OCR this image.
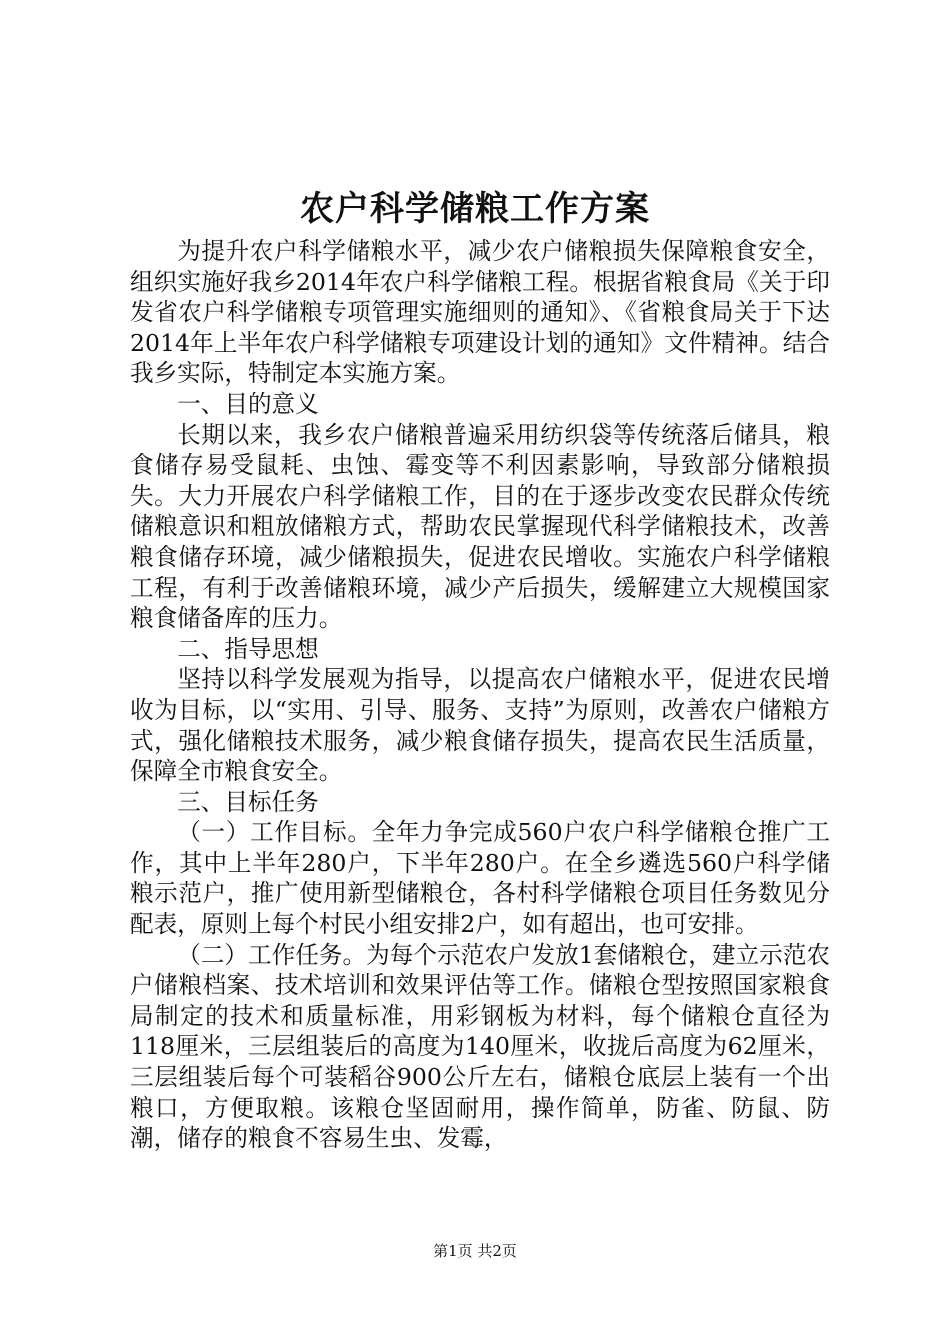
农户科学储粮工作方案

为提升农户科学储粮水平，减少农户储粮损失保障粮食安全，组织实施好我乡2014年农户科学储粮工程。根据省粮食局《关于印发省农户科学储粮专项管理实施细则的通知》、《省粮食局关于下达2014年上半年农户科学储粮专项建设计划的通知》文件精神。结合我乡实际，特制定本实施方案。

一、目的意义

长期以来，我乡农户储粮普遍采用纺织袋等传统落后储具，粮食储存易受鼠耗、虫蚀、霉变等不利因素影响，导致部分储粮损失。大力开展农户科学储粮工作，目的在于逐步改变农民群众传统储粮意识和粗放储粮方式，帮助农民掌握现代科学储粮技术，改善粮食储存环境，减少储粮损失，促进农民增收。实施农户科学储粮工程，有利于改善储粮环境，减少产后损失，缓解建立大规模国家粮食储备库的压力。

二、指导思想

坚持以科学发展观为指导，以提高农户储粮水平，促进农民增收为目标，以“实用、引导、服务、支持”为原则，改善农户储粮方式，强化储粮技术服务，减少粮食储存损失，提高农民生活质量，保障全市粮食安全。

三、目标任务

（一）工作目标。全年力争完成560户农户科学储粮仓推广工作，其中上半年280户，下半年280户。在全乡遴选560户科学储粮示范户，推广使用新型储粮仓，各村科学储粮仓项目任务数见分配表，原则上每个村民小组安排2户，如有超出，也可安排。

（二）工作任务。为每个示范农户发放1套储粮仓，建立示范农户储粮档案、技术培训和效果评估等工作。储粮仓型按照国家粮食局制定的技术和质量标准，用彩钢板为材料，每个储粮仓直径为118厘米，三层组装后的高度为140厘米，收拢后高度为62厘米，三层组装后每个可装稻谷900公斤左右，储粮仓底层上装有一个出粮口，方便取粮。该粮仓坚固耐用，操作简单，防雀、防鼠、防潮，储存的粮食不容易生虫、发霉，

第1页 共2页
